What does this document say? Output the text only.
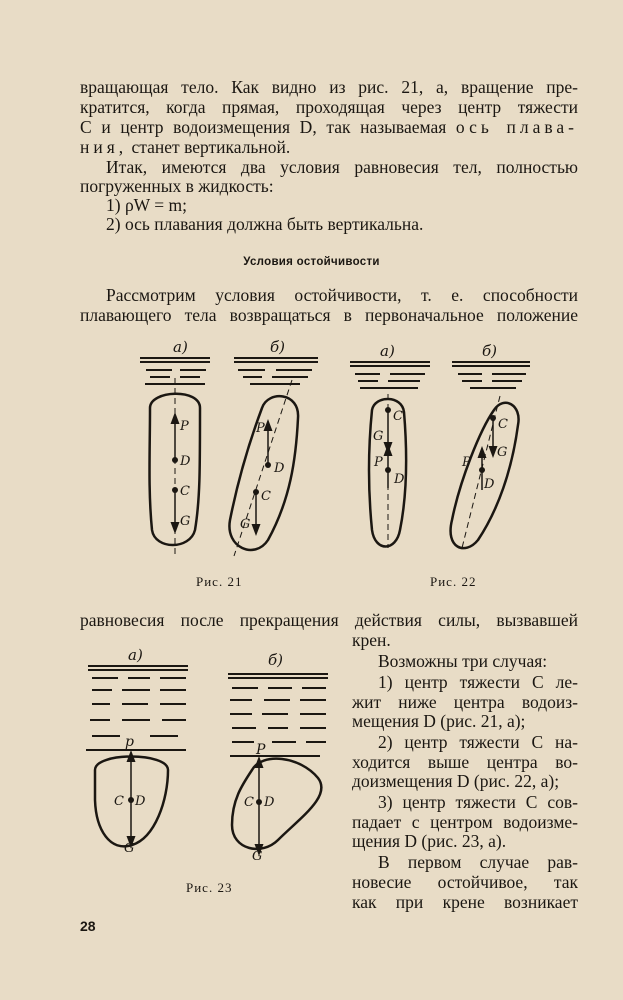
вращающая тело. Как видно из рис. 21, а, вращение пре-
кратится, когда прямая, проходящая через центр тяжести
С и центр водоизмещения D, так называемая ось плава-
ния, станет вертикальной.
Итак, имеются два условия равновесия тел, полностью
погруженных в жидкость:
1) ρW = m;
2) ось плавания должна быть вертикальна.
Условия остойчивости
Рассмотрим условия остойчивости, т. е. способности
плавающего тела возвращаться в первоначальное положение
а)	б)	а)	б)
P
D
C
G
P
D
C
G
C
G
P
D
C
G
P
D
Рис. 21	Рис. 22
равновесия после прекращения действия силы, вызвавшей
крен.
а)	б)
p
C D
G
P
C D
G
Рис. 23
Возможны три случая:
1) центр тяжести С ле-
жит ниже центра водоиз-
мещения D (рис. 21, а);
2) центр тяжести С на-
ходится выше центра во-
доизмещения D (рис. 22, а);
3) центр тяжести С сов-
падает с центром водоизме-
щения D (рис. 23, а).
В первом случае рав-
новесие остойчивое, так
как при крене возникает
28
